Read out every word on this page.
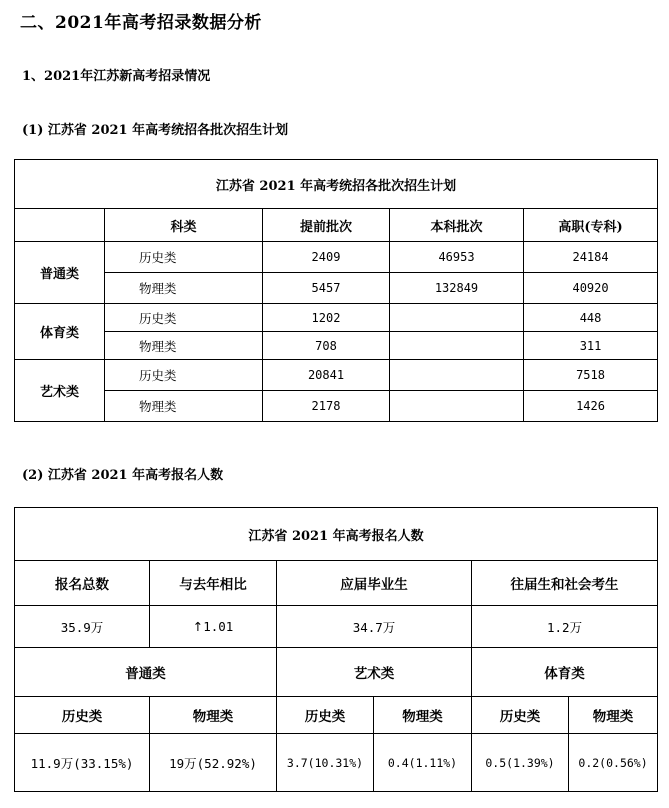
二、2021年高考招录数据分析
1、2021年江苏新高考招录情况
(1) 江苏省 2021 年高考统招各批次招生计划
江苏省 2021 年高考统招各批次招生计划				
	科类	提前批次	本科批次	高职(专科)
普通类	历史类	2409	46953	24184
	物理类	5457	132849	40920
体育类	历史类	1202		448
	物理类	708		311
艺术类	历史类	20841		7518
	物理类	2178		1426
(2) 江苏省 2021 年高考报名人数
江苏省 2021 年高考报名人数					
报名总数	与去年相比	应届毕业生		往届生和社会考生	
35.9万	↑1.01	34.7万		1.2万	
普通类		艺术类		体育类	
历史类	物理类	历史类	物理类	历史类	物理类
11.9万(33.15%)	19万(52.92%)	3.7(10.31%)	0.4(1.11%)	0.5(1.39%)	0.2(0.56%)
